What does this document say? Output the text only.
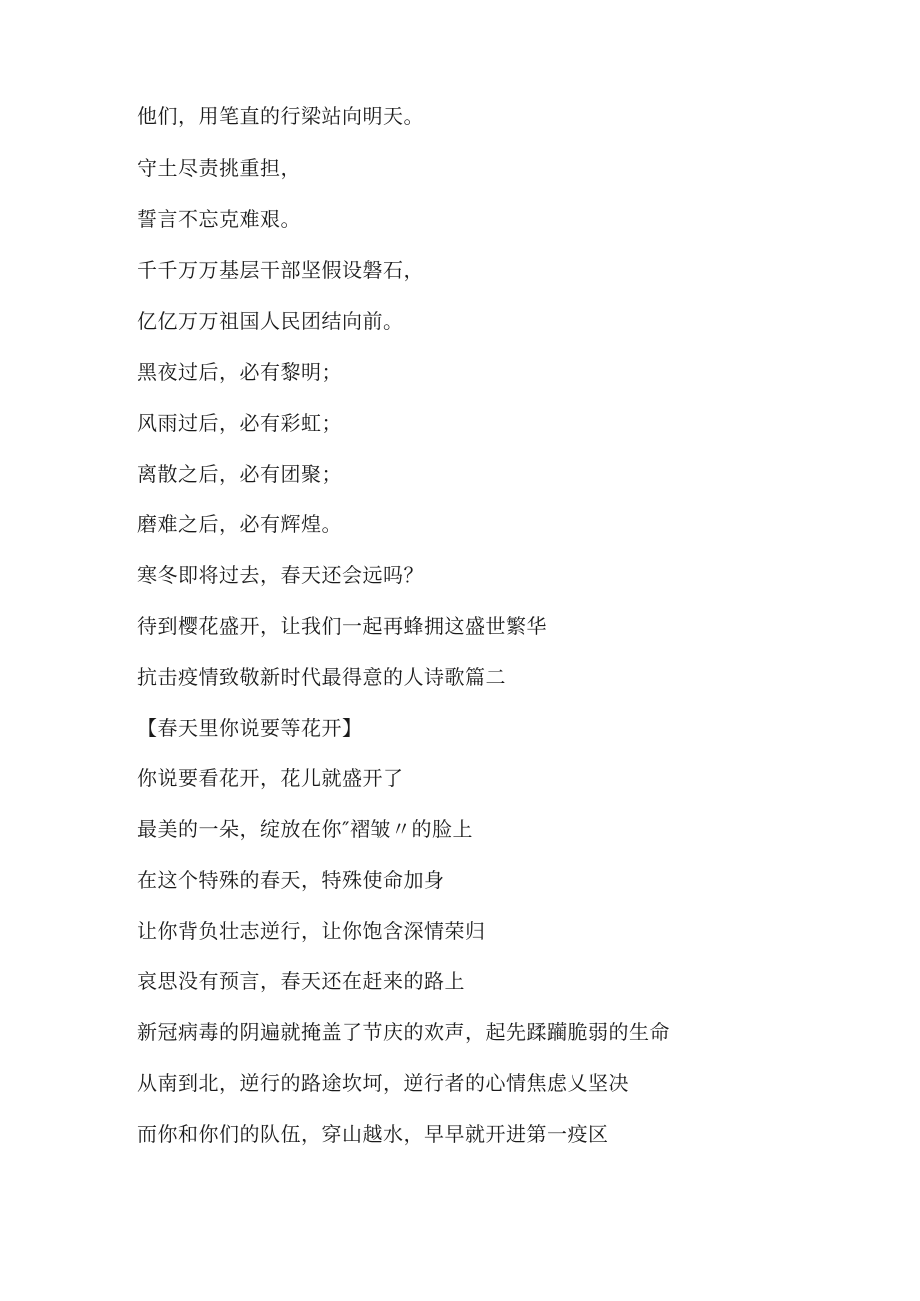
他们，用笔直的行梁站向明天。

守土尽责挑重担，

誓言不忘克难艰。

千千万万基层干部坚假设磐石，

亿亿万万祖国人民团结向前。

黑夜过后，必有黎明；

风雨过后，必有彩虹；

离散之后，必有团聚；

磨难之后，必有辉煌。

寒冬即将过去，春天还会远吗？

待到樱花盛开，让我们一起再蜂拥这盛世繁华

抗击疫情致敬新时代最得意的人诗歌篇二

【春天里你说要等花开】

你说要看花开，花儿就盛开了

最美的一朵，绽放在你″褶皱〃的脸上

在这个特殊的春天，特殊使命加身

让你背负壮志逆行，让你饱含深情荣归

哀思没有预言，春天还在赶来的路上

新冠病毒的阴遍就掩盖了节庆的欢声，起先蹂躏脆弱的生命

从南到北，逆行的路途坎坷，逆行者的心情焦虑乂坚决

而你和你们的队伍，穿山越水，早早就开进第一疫区
